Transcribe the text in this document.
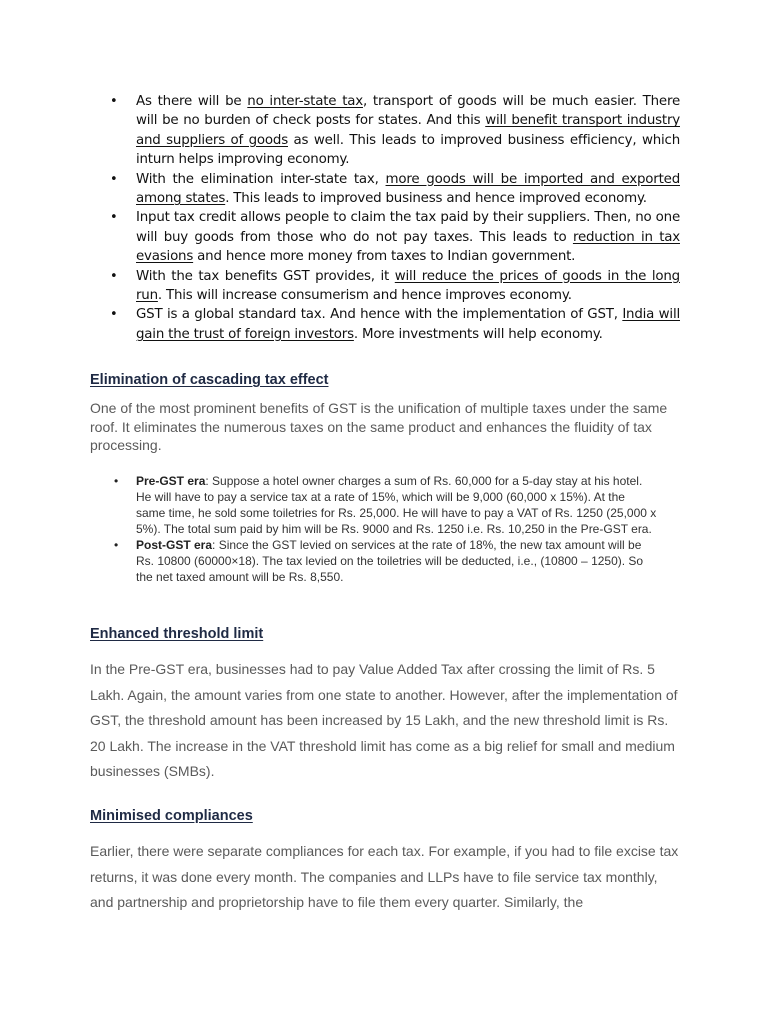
• As there will be no inter-state tax, transport of goods will be much easier. There will be no burden of check posts for states. And this will benefit transport industry and suppliers of goods as well. This leads to improved business efficiency, which inturn helps improving economy.
• With the elimination inter-state tax, more goods will be imported and exported among states. This leads to improved business and hence improved economy.
• Input tax credit allows people to claim the tax paid by their suppliers. Then, no one will buy goods from those who do not pay taxes. This leads to reduction in tax evasions and hence more money from taxes to Indian government.
• With the tax benefits GST provides, it will reduce the prices of goods in the long run. This will increase consumerism and hence improves economy.
• GST is a global standard tax. And hence with the implementation of GST, India will gain the trust of foreign investors. More investments will help economy.
Elimination of cascading tax effect

One of the most prominent benefits of GST is the unification of multiple taxes under the same roof. It eliminates the numerous taxes on the same product and enhances the fluidity of tax processing.

• Pre-GST era: Suppose a hotel owner charges a sum of Rs. 60,000 for a 5-day stay at his hotel. He will have to pay a service tax at a rate of 15%, which will be 9,000 (60,000 x 15%). At the same time, he sold some toiletries for Rs. 25,000. He will have to pay a VAT of Rs. 1250 (25,000 x 5%). The total sum paid by him will be Rs. 9000 and Rs. 1250 i.e. Rs. 10,250 in the Pre-GST era.
• Post-GST era: Since the GST levied on services at the rate of 18%, the new tax amount will be Rs. 10800 (60000×18). The tax levied on the toiletries will be deducted, i.e., (10800 – 1250). So the net taxed amount will be Rs. 8,550.
Enhanced threshold limit

In the Pre-GST era, businesses had to pay Value Added Tax after crossing the limit of Rs. 5 Lakh. Again, the amount varies from one state to another. However, after the implementation of GST, the threshold amount has been increased by 15 Lakh, and the new threshold limit is Rs. 20 Lakh. The increase in the VAT threshold limit has come as a big relief for small and medium businesses (SMBs).

Minimised compliances

Earlier, there were separate compliances for each tax. For example, if you had to file excise tax returns, it was done every month. The companies and LLPs have to file service tax monthly, and partnership and proprietorship have to file them every quarter. Similarly, the
